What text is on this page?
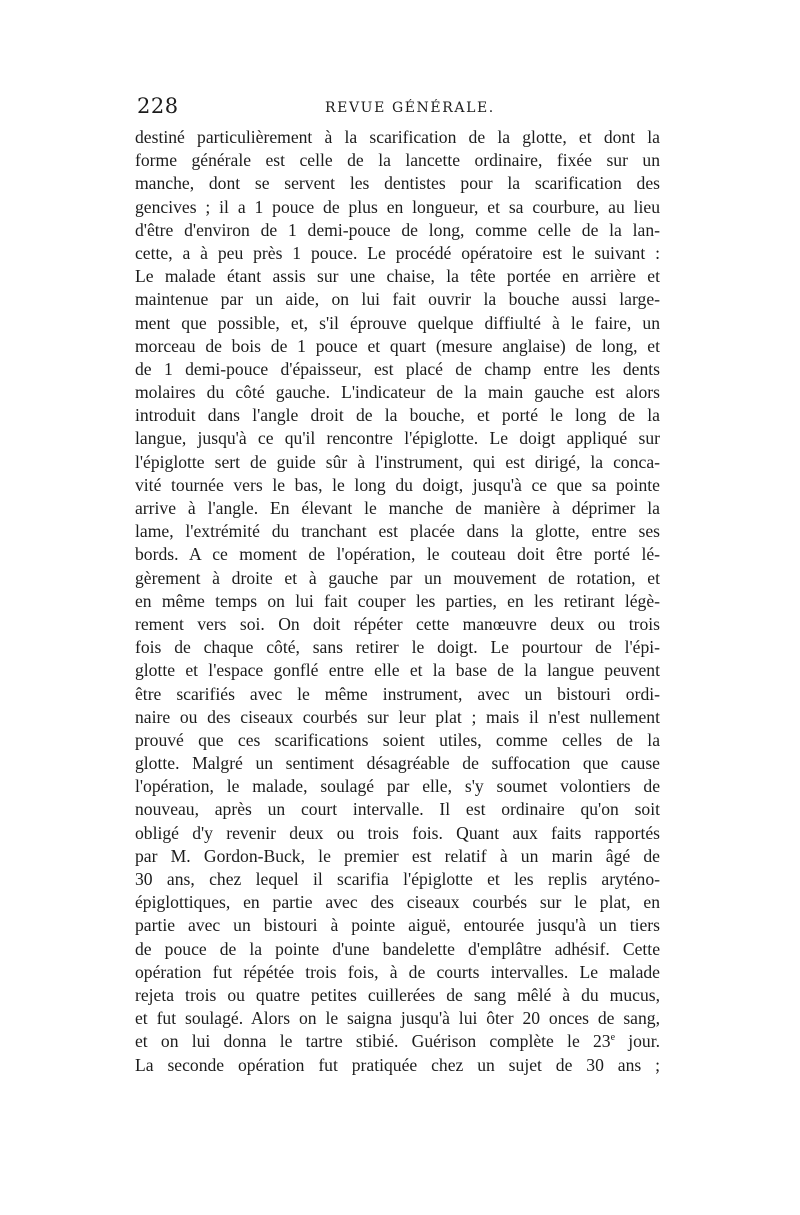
228	REVUE GÉNÉRALE.
destiné particulièrement à la scarification de la glotte, et dont la
forme générale est celle de la lancette ordinaire, fixée sur un
manche, dont se servent les dentistes pour la scarification des
gencives ; il a 1 pouce de plus en longueur, et sa courbure, au lieu
d'être d'environ de 1 demi-pouce de long, comme celle de la lan-
cette, a à peu près 1 pouce. Le procédé opératoire est le suivant :
Le malade étant assis sur une chaise, la tête portée en arrière et
maintenue par un aide, on lui fait ouvrir la bouche aussi large-
ment que possible, et, s'il éprouve quelque diffiulté à le faire, un
morceau de bois de 1 pouce et quart (mesure anglaise) de long, et
de 1 demi-pouce d'épaisseur, est placé de champ entre les dents
molaires du côté gauche. L'indicateur de la main gauche est alors
introduit dans l'angle droit de la bouche, et porté le long de la
langue, jusqu'à ce qu'il rencontre l'épiglotte. Le doigt appliqué sur
l'épiglotte sert de guide sûr à l'instrument, qui est dirigé, la conca-
vité tournée vers le bas, le long du doigt, jusqu'à ce que sa pointe
arrive à l'angle. En élevant le manche de manière à déprimer la
lame, l'extrémité du tranchant est placée dans la glotte, entre ses
bords. A ce moment de l'opération, le couteau doit être porté lé-
gèrement à droite et à gauche par un mouvement de rotation, et
en même temps on lui fait couper les parties, en les retirant légè-
rement vers soi. On doit répéter cette manœuvre deux ou trois
fois de chaque côté, sans retirer le doigt. Le pourtour de l'épi-
glotte et l'espace gonflé entre elle et la base de la langue peuvent
être scarifiés avec le même instrument, avec un bistouri ordi-
naire ou des ciseaux courbés sur leur plat ; mais il n'est nullement
prouvé que ces scarifications soient utiles, comme celles de la
glotte. Malgré un sentiment désagréable de suffocation que cause
l'opération, le malade, soulagé par elle, s'y soumet volontiers de
nouveau, après un court intervalle. Il est ordinaire qu'on soit
obligé d'y revenir deux ou trois fois. Quant aux faits rapportés
par M. Gordon-Buck, le premier est relatif à un marin âgé de
30 ans, chez lequel il scarifia l'épiglotte et les replis aryténo-
épiglottiques, en partie avec des ciseaux courbés sur le plat, en
partie avec un bistouri à pointe aiguë, entourée jusqu'à un tiers
de pouce de la pointe d'une bandelette d'emplâtre adhésif. Cette
opération fut répétée trois fois, à de courts intervalles. Le malade
rejeta trois ou quatre petites cuillerées de sang mêlé à du mucus,
et fut soulagé. Alors on le saigna jusqu'à lui ôter 20 onces de sang,
et on lui donna le tartre stibié. Guérison complète le 23e jour.
La seconde opération fut pratiquée chez un sujet de 30 ans ;
